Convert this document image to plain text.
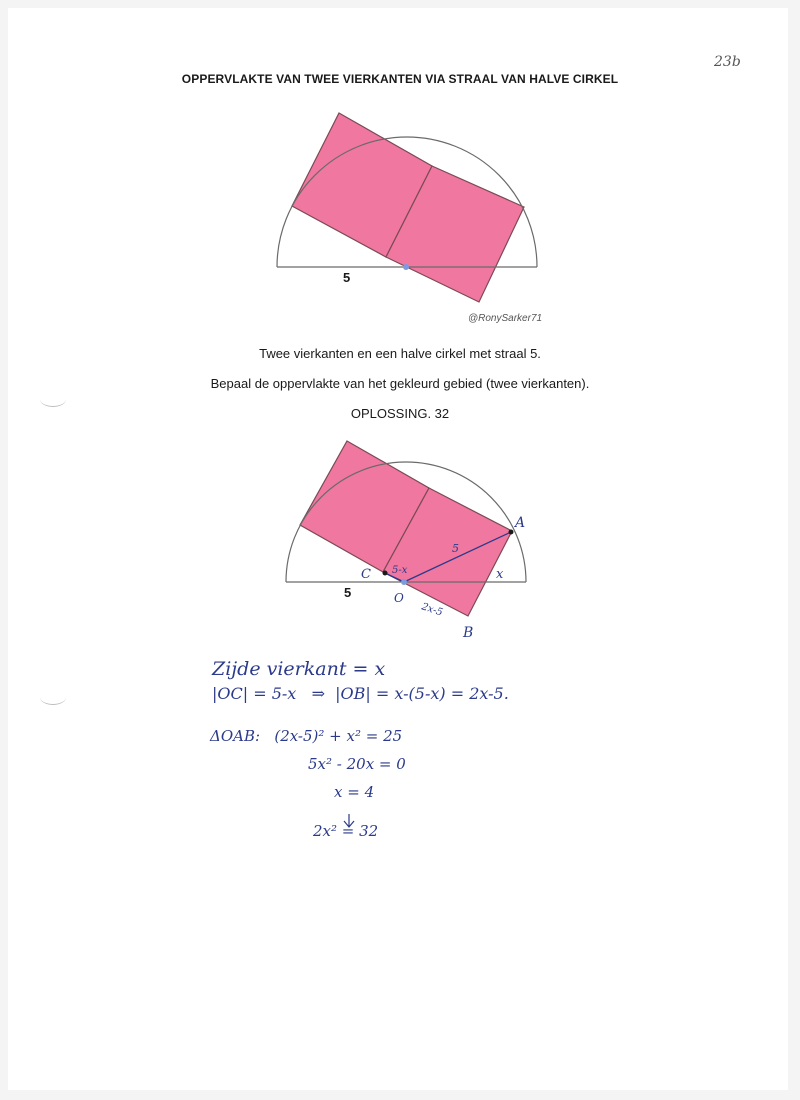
23b
OPPERVLAKTE VAN TWEE VIERKANTEN VIA STRAAL VAN HALVE CIRKEL
5
@RonySarker71
5
A
B
C
O
5
5-x	x
2x-5
Twee vierkanten en een halve cirkel met straal 5.
Bepaal de oppervlakte van het gekleurd gebied (twee vierkanten).
OPLOSSING. 32
Zijde vierkant = x
|OC| = 5-x   ⇒  |OB| = x-(5-x) = 2x-5.
ΔOAB:   (2x-5)² + x² = 25
5x² - 20x = 0
x = 4
2x² = 32
